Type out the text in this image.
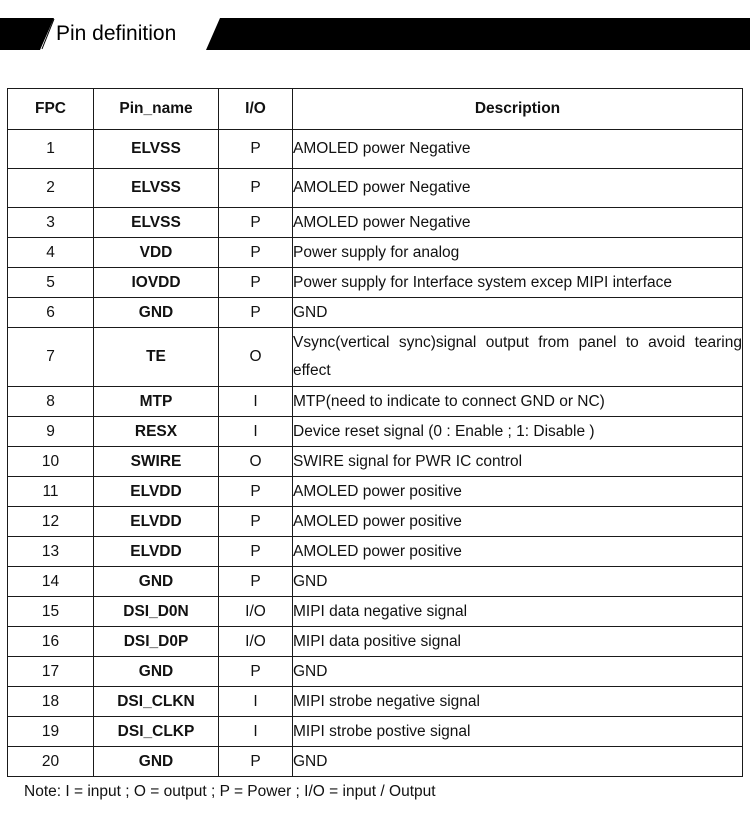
Pin definition
FPC	Pin_name	I/O	Description
1	ELVSS	P	AMOLED power Negative
2	ELVSS	P	AMOLED power Negative
3	ELVSS	P	AMOLED power Negative
4	VDD	P	Power supply for analog
5	IOVDD	P	Power supply for Interface system excep MIPI interface
6	GND	P	GND
7	TE	O	Vsync(vertical sync)signal output from panel to avoid tearing effect
8	MTP	I	MTP(need to indicate to connect GND or NC)
9	RESX	I	Device reset signal (0 : Enable ; 1: Disable )
10	SWIRE	O	SWIRE signal for PWR IC control
11	ELVDD	P	AMOLED power positive
12	ELVDD	P	AMOLED power positive
13	ELVDD	P	AMOLED power positive
14	GND	P	GND
15	DSI_D0N	I/O	MIPI data negative signal
16	DSI_D0P	I/O	MIPI data positive signal
17	GND	P	GND
18	DSI_CLKN	I	MIPI strobe negative signal
19	DSI_CLKP	I	MIPI strobe postive signal
20	GND	P	GND
Note: I = input ; O = output ; P = Power ; I/O = input / Output
